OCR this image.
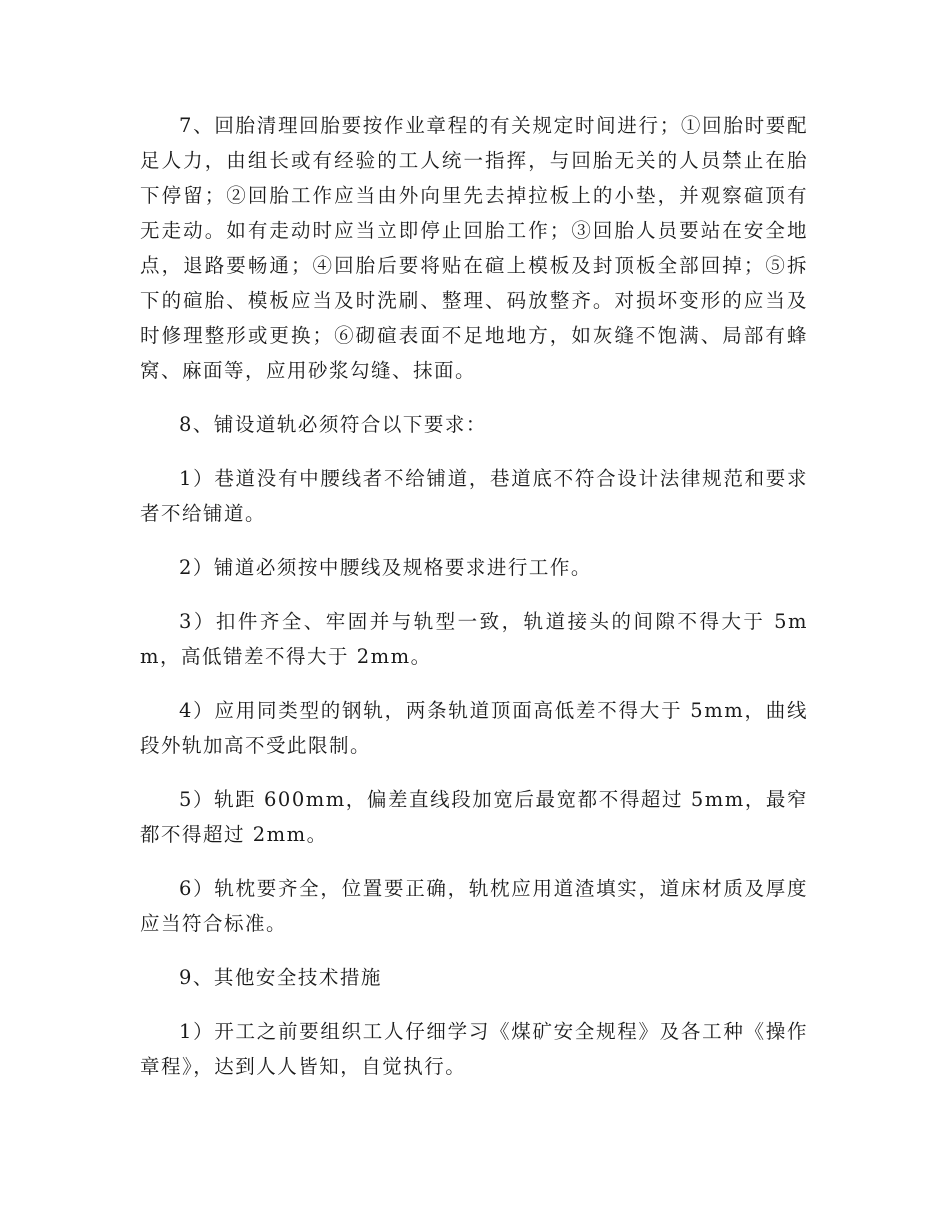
7、回胎清理回胎要按作业章程的有关规定时间进行；①回胎时要配足人力，由组长或有经验的工人统一指挥，与回胎无关的人员禁止在胎下停留；②回胎工作应当由外向里先去掉拉板上的小垫，并观察碹顶有无走动。如有走动时应当立即停止回胎工作；③回胎人员要站在安全地点，退路要畅通；④回胎后要将贴在碹上模板及封顶板全部回掉；⑤拆下的碹胎、模板应当及时洗刷、整理、码放整齐。对损坏变形的应当及时修理整形或更换；⑥砌碹表面不足地地方，如灰缝不饱满、局部有蜂窝、麻面等，应用砂浆勾缝、抹面。

8、铺设道轨必须符合以下要求：

1）巷道没有中腰线者不给铺道，巷道底不符合设计法律规范和要求者不给铺道。

2）铺道必须按中腰线及规格要求进行工作。

3）扣件齐全、牢固并与轨型一致，轨道接头的间隙不得大于 5mm，高低错差不得大于 2mm。

4）应用同类型的钢轨，两条轨道顶面高低差不得大于 5mm，曲线段外轨加高不受此限制。

5）轨距 600mm，偏差直线段加宽后最宽都不得超过 5mm，最窄都不得超过 2mm。

6）轨枕要齐全，位置要正确，轨枕应用道渣填实，道床材质及厚度应当符合标准。

9、其他安全技术措施

1）开工之前要组织工人仔细学习《煤矿安全规程》及各工种《操作章程》，达到人人皆知，自觉执行。
